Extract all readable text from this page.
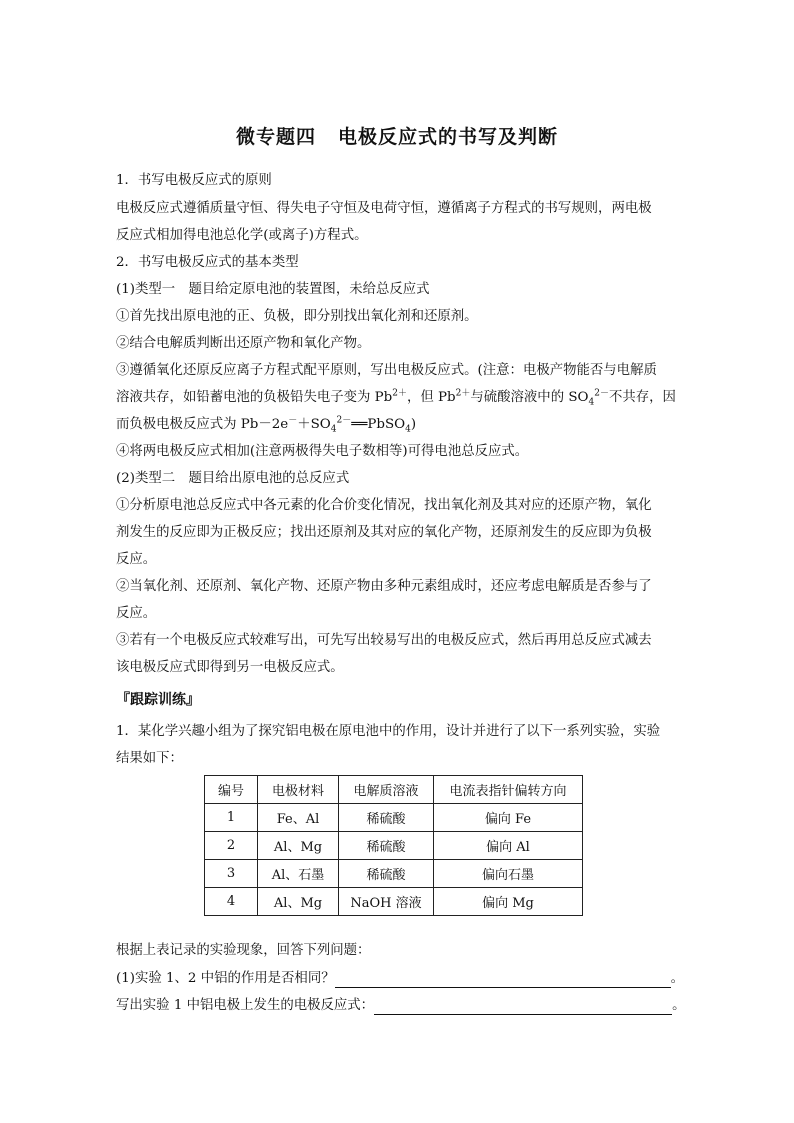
微专题四 电极反应式的书写及判断
1．书写电极反应式的原则
电极反应式遵循质量守恒、得失电子守恒及电荷守恒，遵循离子方程式的书写规则，两电极
反应式相加得电池总化学(或离子)方程式。
2．书写电极反应式的基本类型
(1)类型一　题目给定原电池的装置图，未给总反应式
①首先找出原电池的正、负极，即分别找出氧化剂和还原剂。
②结合电解质判断出还原产物和氧化产物。
③遵循氧化还原反应离子方程式配平原则，写出电极反应式。(注意：电极产物能否与电解质
溶液共存，如铅蓄电池的负极铅失电子变为 $Pb^{2+}$，但 $Pb^{2+}$与硫酸溶液中的 $SO_4^{2-}$不共存，因
而负极电极反应式为 $Pb-2e^-+SO_4^{2-}══PbSO_4$)
④将两电极反应式相加(注意两极得失电子数相等)可得电池总反应式。
(2)类型二　题目给出原电池的总反应式
①分析原电池总反应式中各元素的化合价变化情况，找出氧化剂及其对应的还原产物，氧化
剂发生的反应即为正极反应；找出还原剂及其对应的氧化产物，还原剂发生的反应即为负极
反应。
②当氧化剂、还原剂、氧化产物、还原产物由多种元素组成时，还应考虑电解质是否参与了
反应。
③若有一个电极反应式较难写出，可先写出较易写出的电极反应式，然后再用总反应式减去
该电极反应式即得到另一电极反应式。
『跟踪训练』
1．某化学兴趣小组为了探究铝电极在原电池中的作用，设计并进行了以下一系列实验，实验
结果如下：
编号	电极材料	电解质溶液	电流表指针偏转方向
1	Fe、Al	稀硫酸	偏向 Fe
2	Al、Mg	稀硫酸	偏向 Al
3	Al、石墨	稀硫酸	偏向石墨
4	Al、Mg	NaOH 溶液	偏向 Mg
根据上表记录的实验现象，回答下列问题：
(1)实验 1、2 中铝的作用是否相同？	。
写出实验 1 中铝电极上发生的电极反应式：	。
